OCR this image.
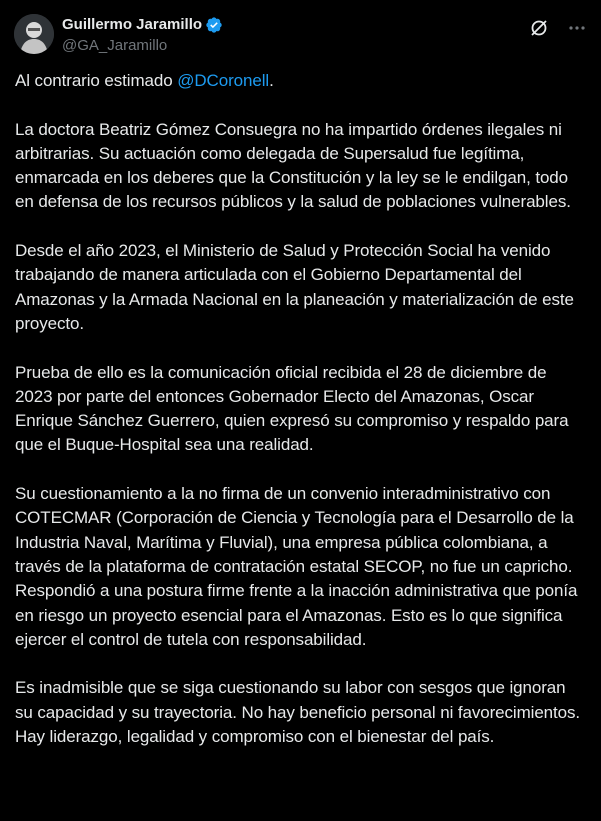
Guillermo Jaramillo
@GA_Jaramillo

Al contrario estimado @DCoronell.

La doctora Beatriz Gómez Consuegra no ha impartido órdenes ilegales ni arbitrarias. Su actuación como delegada de Supersalud fue legítima, enmarcada en los deberes que la Constitución y la ley se le endilgan, todo en defensa de los recursos públicos y la salud de poblaciones vulnerables.

Desde el año 2023, el Ministerio de Salud y Protección Social ha venido trabajando de manera articulada con el Gobierno Departamental del Amazonas y la Armada Nacional en la planeación y materialización de este proyecto.

Prueba de ello es la comunicación oficial recibida el 28 de diciembre de 2023 por parte del entonces Gobernador Electo del Amazonas, Oscar Enrique Sánchez Guerrero, quien expresó su compromiso y respaldo para que el Buque-Hospital sea una realidad.

Su cuestionamiento a la no firma de un convenio interadministrativo con COTECMAR (Corporación de Ciencia y Tecnología para el Desarrollo de la Industria Naval, Marítima y Fluvial), una empresa pública colombiana, a través de la plataforma de contratación estatal SECOP, no fue un capricho. Respondió a una postura firme frente a la inacción administrativa que ponía en riesgo un proyecto esencial para el Amazonas. Esto es lo que significa ejercer el control de tutela con responsabilidad.

Es inadmisible que se siga cuestionando su labor con sesgos que ignoran su capacidad y su trayectoria. No hay beneficio personal ni favorecimientos. Hay liderazgo, legalidad y compromiso con el bienestar del país.
